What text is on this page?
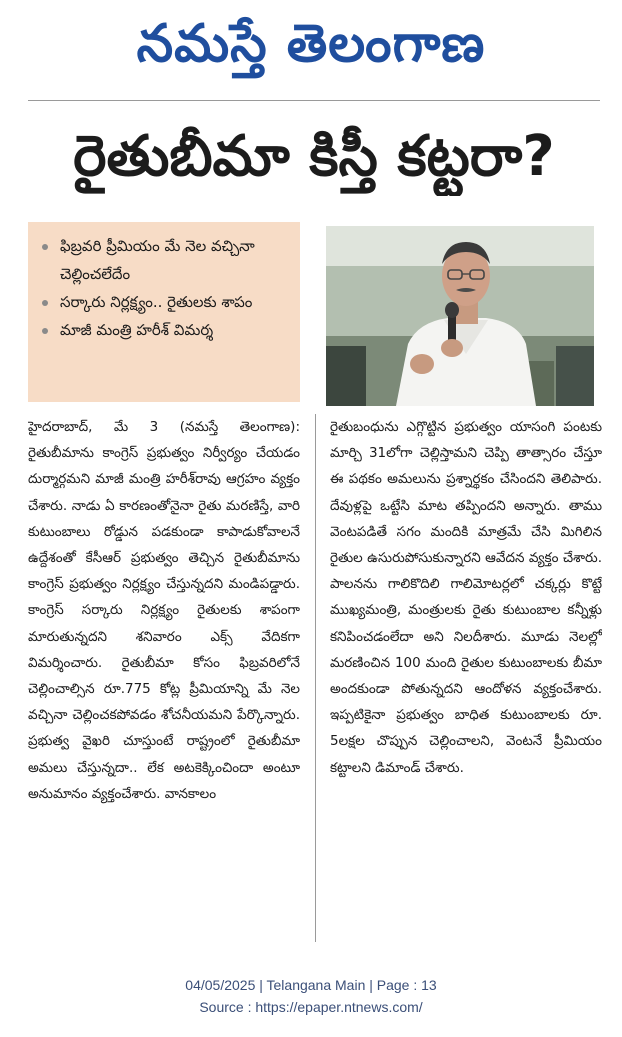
నమస్తే తెలంగాణ
రైతుబీమా కిస్తీ కట్టరా?
ఫిబ్రవరి ప్రీమియం మే నెల వచ్చినా చెల్లించలేదేం
సర్కారు నిర్లక్ష్యం.. రైతులకు శాపం
మాజీ మంత్రి హరీశ్ విమర్శ
హైదరాబాద్, మే 3 (నమస్తే తెలంగాణ): రైతుబీమాను కాంగ్రెస్ ప్రభుత్వం నిర్వీర్యం చేయడం దుర్మార్గమని మాజీ మంత్రి హరీశ్‌రావు ఆగ్రహం వ్యక్తం చేశారు. నాడు ఏ కారణంతోనైనా రైతు మరణిస్తే, వారి కుటుంబాలు రోడ్డున పడకుండా కాపాడుకోవాలనే ఉద్దేశంతో కేసీఆర్ ప్రభుత్వం తెచ్చిన రైతుబీమాను కాంగ్రెస్ ప్రభుత్వం నిర్లక్ష్యం చేస్తున్నదని మండిపడ్డారు. కాంగ్రెస్ సర్కారు నిర్లక్ష్యం రైతులకు శాపంగా మారుతున్నదని శనివారం ఎక్స్ వేదికగా విమర్శించారు. రైతుబీమా కోసం ఫిబ్రవరిలోనే చెల్లించాల్సిన రూ.775 కోట్ల ప్రీమియాన్ని మే నెల వచ్చినా చెల్లించకపోవడం శోచనీయమని పేర్కొన్నారు. ప్రభుత్వ వైఖరి చూస్తుంటే రాష్ట్రంలో రైతుబీమా అమలు చేస్తున్నదా.. లేక అటకెక్కించిందా అంటూ అనుమానం వ్యక్తంచేశారు. వానకాలం
రైతుబంధును ఎగ్గొట్టిన ప్రభుత్వం యాసంగి పంటకు మార్చి 31లోగా చెల్లిస్తామని చెప్పి తాత్సారం చేస్తూ ఈ పథకం అమలును ప్రశ్నార్థకం చేసిందని తెలిపారు. దేవుళ్లపై ఒట్టేసి మాట తప్పిందని అన్నారు. తాము వెంటపడితే సగం మందికి మాత్రమే చేసి మిగిలిన రైతుల ఉసురుపోసుకున్నారని ఆవేదన వ్యక్తం చేశారు. పాలనను గాలికొదిలి గాలిమోటర్లలో చక్కర్లు కొట్టే ముఖ్యమంత్రి, మంత్రులకు రైతు కుటుంబాల కన్నీళ్లు కనిపించడంలేదా అని నిలదీశారు. మూడు నెలల్లో మరణించిన 100 మంది రైతుల కుటుంబాలకు బీమా అందకుండా పోతున్నదని ఆందోళన వ్యక్తంచేశారు. ఇప్పటికైనా ప్రభుత్వం బాధిత కుటుంబాలకు రూ. 5లక్షల చొప్పున చెల్లించాలని, వెంటనే ప్రీమియం కట్టాలని డిమాండ్ చేశారు.
04/05/2025 | Telangana Main | Page : 13
Source : https://epaper.ntnews.com/
